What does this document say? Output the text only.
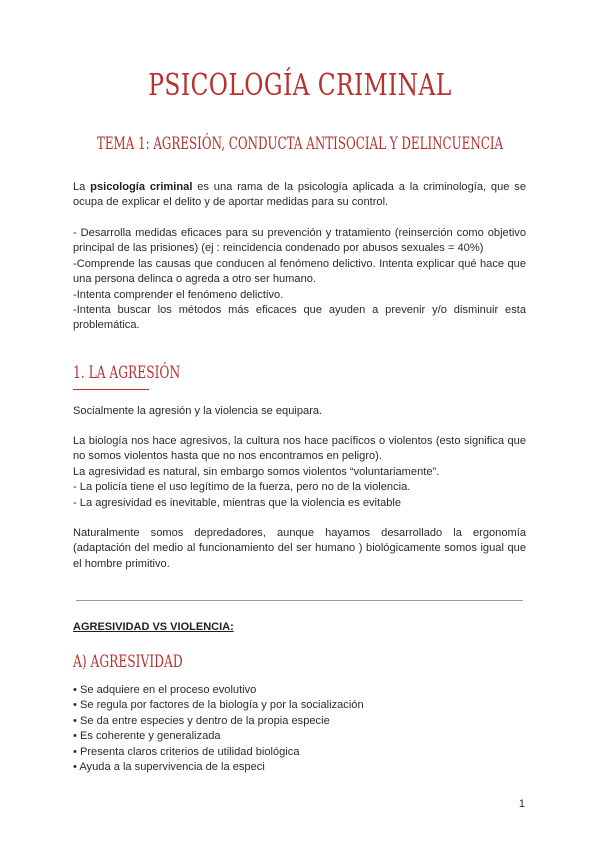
PSICOLOGÍA CRIMINAL
TEMA 1: AGRESIÓN, CONDUCTA ANTISOCIAL Y DELINCUENCIA

La psicología criminal es una rama de la psicología aplicada a la criminología, que se ocupa de explicar el delito y de aportar medidas para su control.

- Desarrolla medidas eficaces para su prevención y tratamiento (reinserción como objetivo principal de las prisiones) (ej : reincidencia condenado por abusos sexuales = 40%)

-Comprende las causas que conducen al fenómeno delictivo. Intenta explicar qué hace que una persona delinca o agreda a otro ser humano.

-Intenta comprender el fenómeno delictivo.

-Intenta buscar los métodos más eficaces que ayuden a prevenir y/o disminuir esta problemática.

1. LA AGRESIÓN

Socialmente la agresión y la violencia se equipara.

La biología nos hace agresivos, la cultura nos hace pacíficos o violentos (esto significa que no somos violentos hasta que no nos encontramos en peligro).

La agresividad es natural, sin embargo somos violentos “voluntariamente”.

- La policía tiene el uso legítimo de la fuerza, pero no de la violencia.

- La agresividad es inevitable, mientras que la violencia es evitable

Naturalmente somos depredadores, aunque hayamos desarrollado la ergonomía (adaptación del medio al funcionamiento del ser humano ) biológicamente somos igual que el hombre primitivo.

AGRESIVIDAD VS VIOLENCIA:
A) AGRESIVIDAD
• Se adquiere en el proceso evolutivo
• Se regula por factores de la biología y por la socialización
• Se da entre especies y dentro de la propia especie
• Es coherente y generalizada
• Presenta claros criterios de utilidad biológica
• Ayuda a la supervivencia de la especi
1
